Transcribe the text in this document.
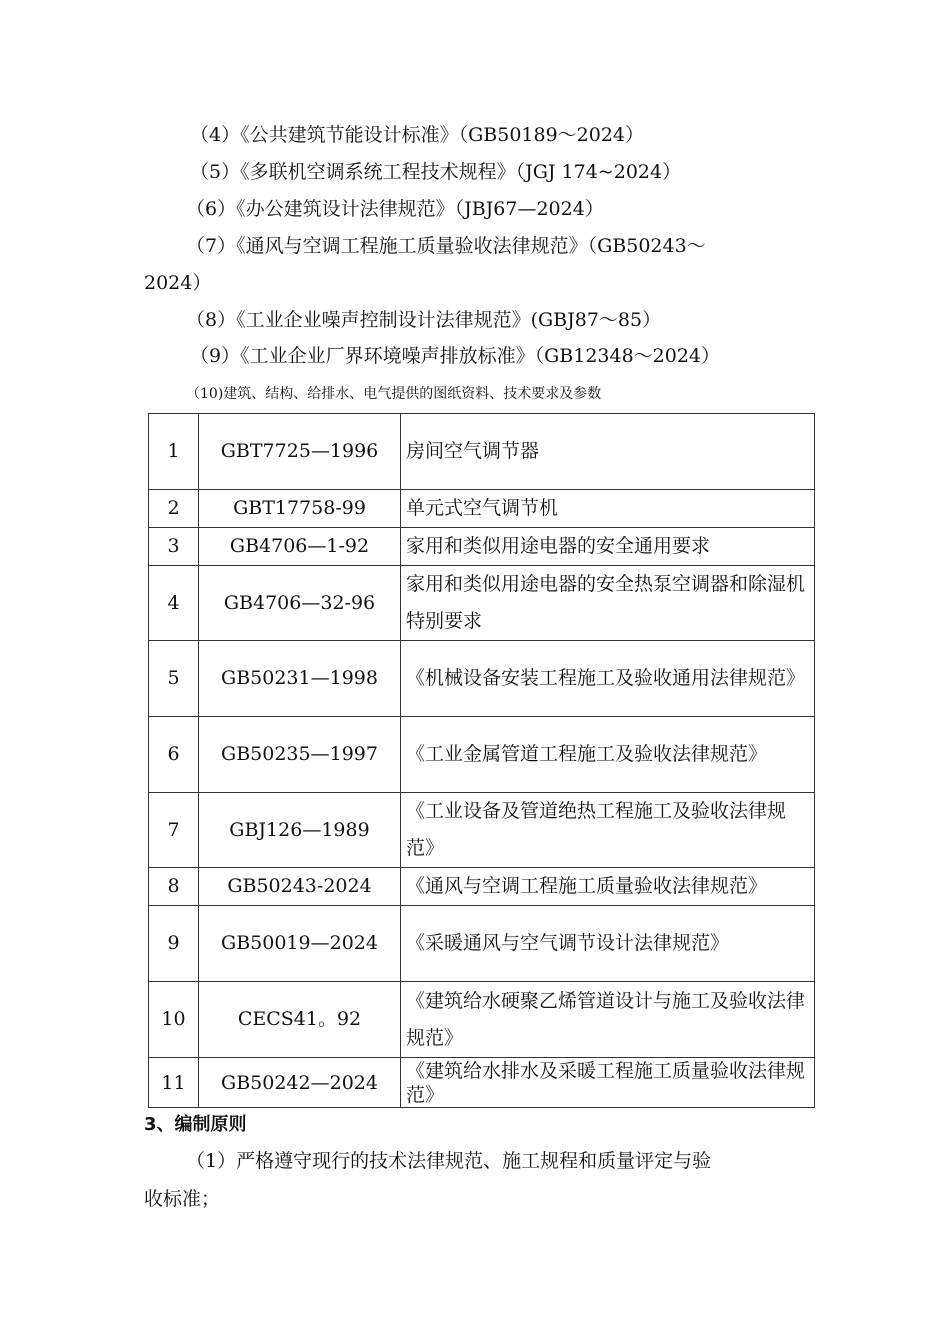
（4）《公共建筑节能设计标准》（GB50189～2024）

（5）《多联机空调系统工程技术规程》（JGJ 174~2024）

（6）《办公建筑设计法律规范》（JBJ67—2024）

（7）《通风与空调工程施工质量验收法律规范》（GB50243～

2024）

（8）《工业企业噪声控制设计法律规范》(GBJ87～85）

（9）《工业企业厂界环境噪声排放标准》（GB12348～2024）

（10)建筑、结构、给排水、电气提供的图纸资料、技术要求及参数

1	GBT7725—1996	房间空气调节器
2	GBT17758-99	单元式空气调节机
3	GB4706—1-92	家用和类似用途电器的安全通用要求
4	GB4706—32-96	家用和类似用途电器的安全热泵空调器和除湿机特别要求
5	GB50231—1998	《机械设备安装工程施工及验收通用法律规范》
6	GB50235—1997	《工业金属管道工程施工及验收法律规范》
7	GBJ126—1989	《工业设备及管道绝热工程施工及验收法律规范》
8	GB50243-2024	《通风与空调工程施工质量验收法律规范》
9	GB50019—2024	《采暖通风与空气调节设计法律规范》
10	CECS41。92	《建筑给水硬聚乙烯管道设计与施工及验收法律规范》
11	GB50242—2024	《建筑给水排水及采暖工程施工质量验收法律规范》

3、编制原则

（1）严格遵守现行的技术法律规范、施工规程和质量评定与验

收标准；
